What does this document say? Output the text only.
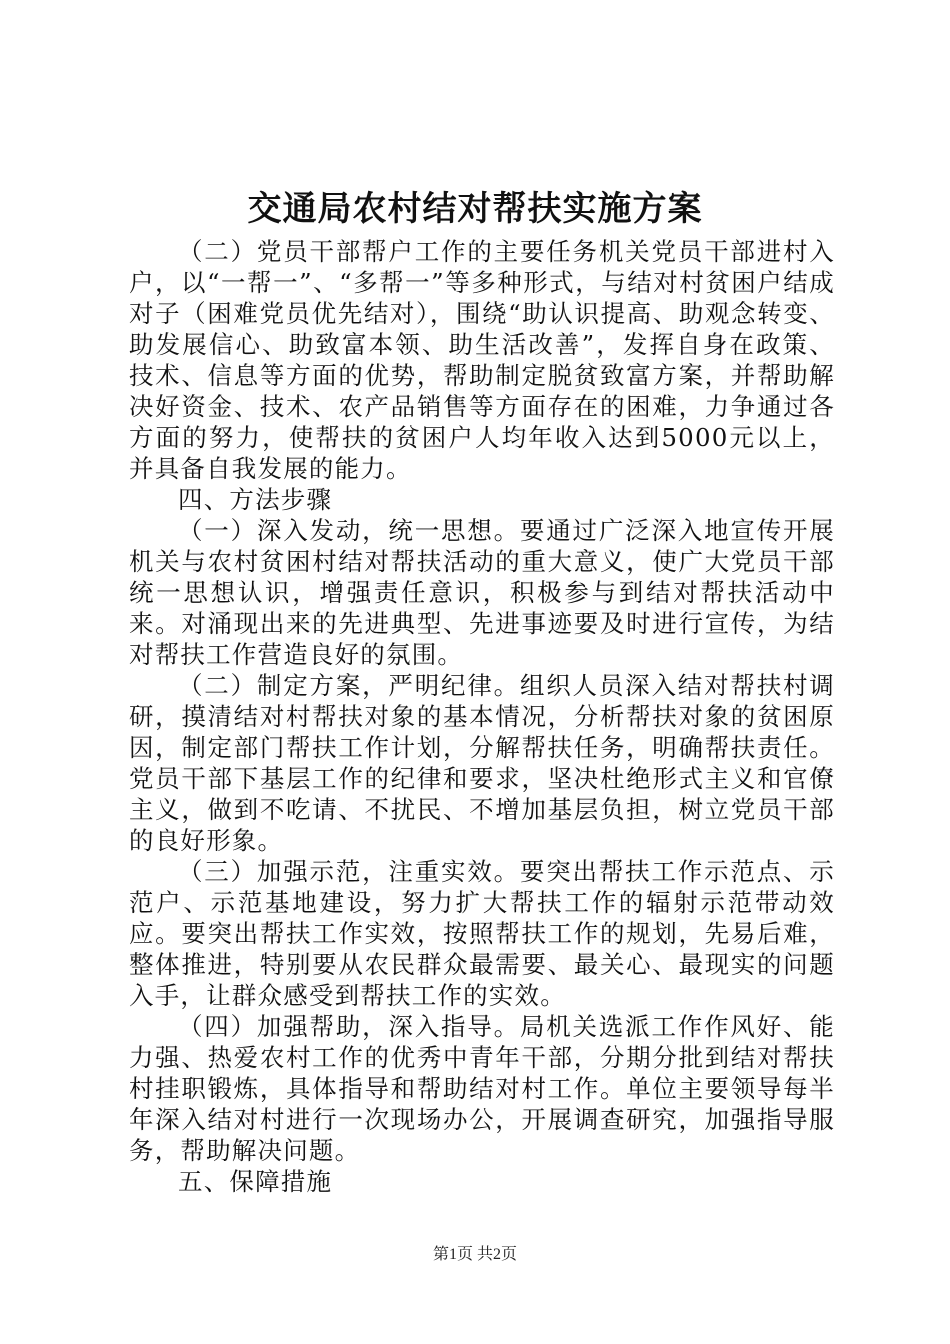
交通局农村结对帮扶实施方案

（二）党员干部帮户工作的主要任务机关党员干部进村入户，以“一帮一”、“多帮一”等多种形式，与结对村贫困户结成对子（困难党员优先结对），围绕“助认识提高、助观念转变、助发展信心、助致富本领、助生活改善”，发挥自身在政策、技术、信息等方面的优势，帮助制定脱贫致富方案，并帮助解决好资金、技术、农产品销售等方面存在的困难，力争通过各方面的努力，使帮扶的贫困户人均年收入达到5000元以上，并具备自我发展的能力。

四、方法步骤

（一）深入发动，统一思想。要通过广泛深入地宣传开展机关与农村贫困村结对帮扶活动的重大意义，使广大党员干部统一思想认识，增强责任意识，积极参与到结对帮扶活动中来。对涌现出来的先进典型、先进事迹要及时进行宣传，为结对帮扶工作营造良好的氛围。

（二）制定方案，严明纪律。组织人员深入结对帮扶村调研，摸清结对村帮扶对象的基本情况，分析帮扶对象的贫困原因，制定部门帮扶工作计划，分解帮扶任务，明确帮扶责任。党员干部下基层工作的纪律和要求，坚决杜绝形式主义和官僚主义，做到不吃请、不扰民、不增加基层负担，树立党员干部的良好形象。

（三）加强示范，注重实效。要突出帮扶工作示范点、示范户、示范基地建设，努力扩大帮扶工作的辐射示范带动效应。要突出帮扶工作实效，按照帮扶工作的规划，先易后难，整体推进，特别要从农民群众最需要、最关心、最现实的问题入手，让群众感受到帮扶工作的实效。

（四）加强帮助，深入指导。局机关选派工作作风好、能力强、热爱农村工作的优秀中青年干部，分期分批到结对帮扶村挂职锻炼，具体指导和帮助结对村工作。单位主要领导每半年深入结对村进行一次现场办公，开展调查研究，加强指导服务，帮助解决问题。

五、保障措施

第1页 共2页
